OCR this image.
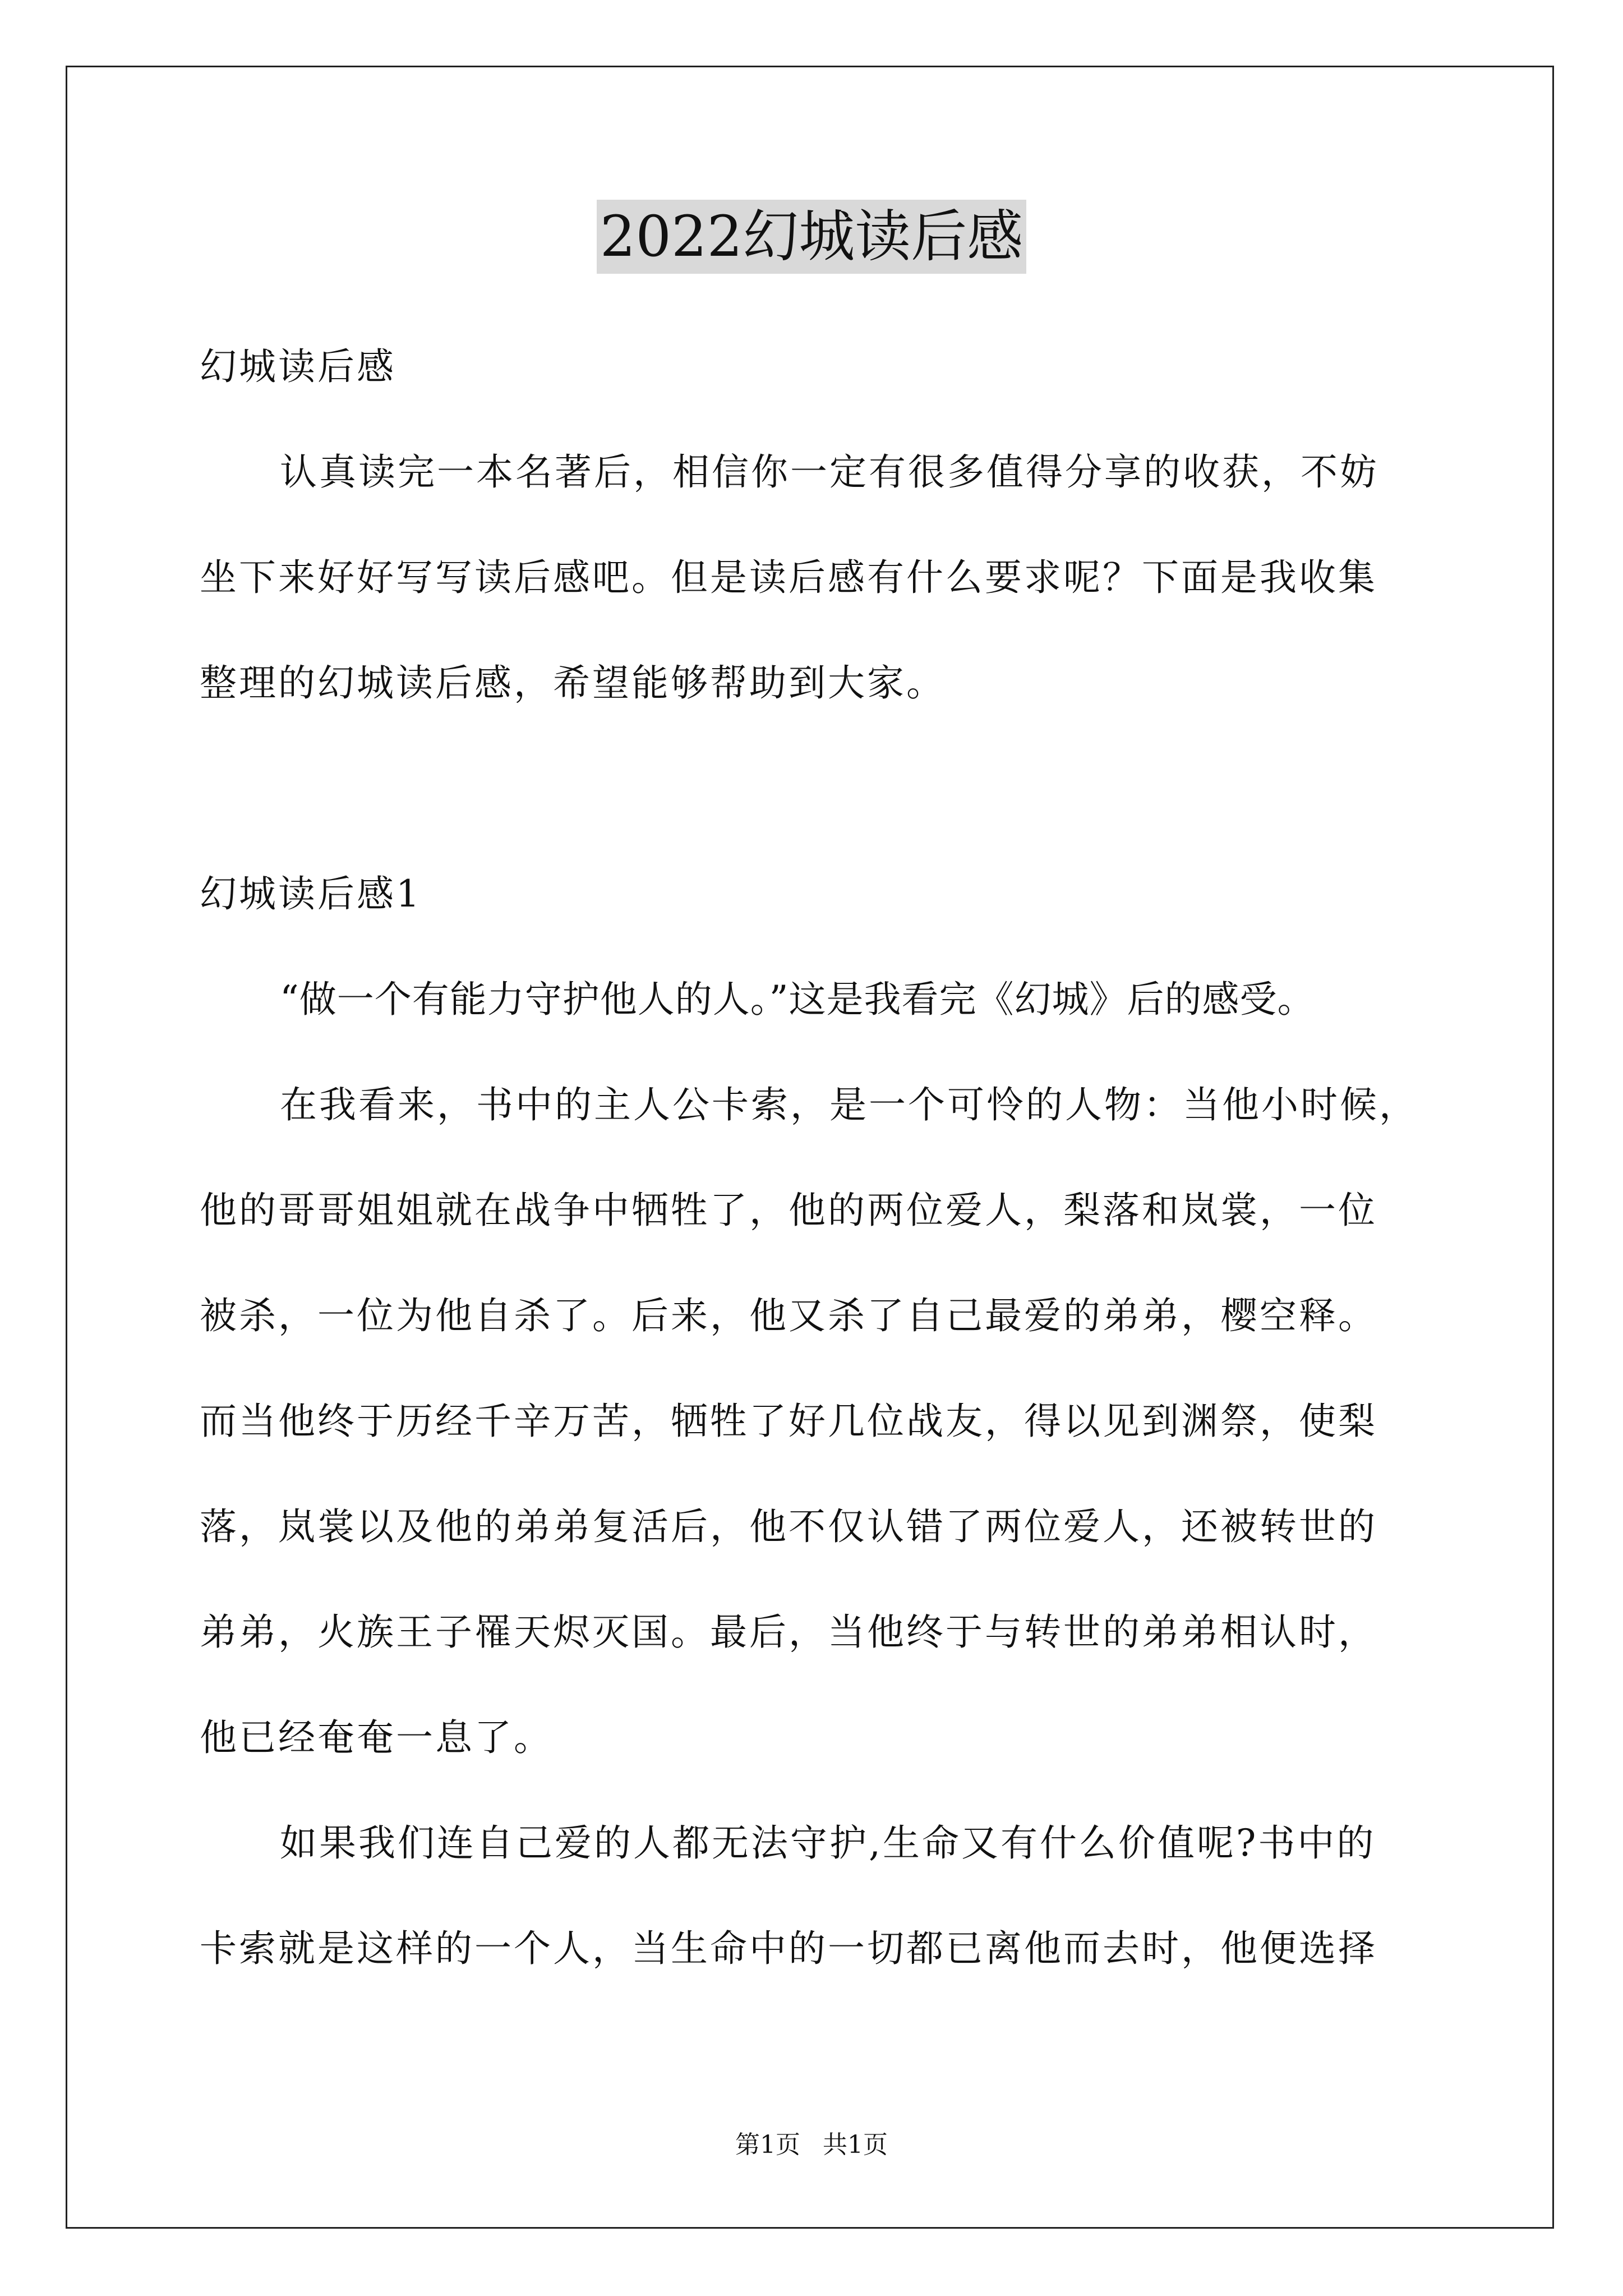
2022幻城读后感
幻城读后感
认真读完一本名著后，相信你一定有很多值得分享的收获，不妨
坐下来好好写写读后感吧。但是读后感有什么要求呢？下面是我收集
整理的幻城读后感，希望能够帮助到大家。
幻城读后感1
“做一个有能力守护他人的人。”这是我看完《幻城》后的感受。
在我看来，书中的主人公卡索，是一个可怜的人物：当他小时候，
他的哥哥姐姐就在战争中牺牲了，他的两位爱人，梨落和岚裳，一位
被杀，一位为他自杀了。后来，他又杀了自己最爱的弟弟，樱空释。
而当他终于历经千辛万苦，牺牲了好几位战友，得以见到渊祭，使梨
落，岚裳以及他的弟弟复活后，他不仅认错了两位爱人，还被转世的
弟弟，火族王子罹天烬灭国。最后，当他终于与转世的弟弟相认时，
他已经奄奄一息了。
如果我们连自己爱的人都无法守护,生命又有什么价值呢?书中的
卡索就是这样的一个人，当生命中的一切都已离他而去时，他便选择
第1页 共1页
